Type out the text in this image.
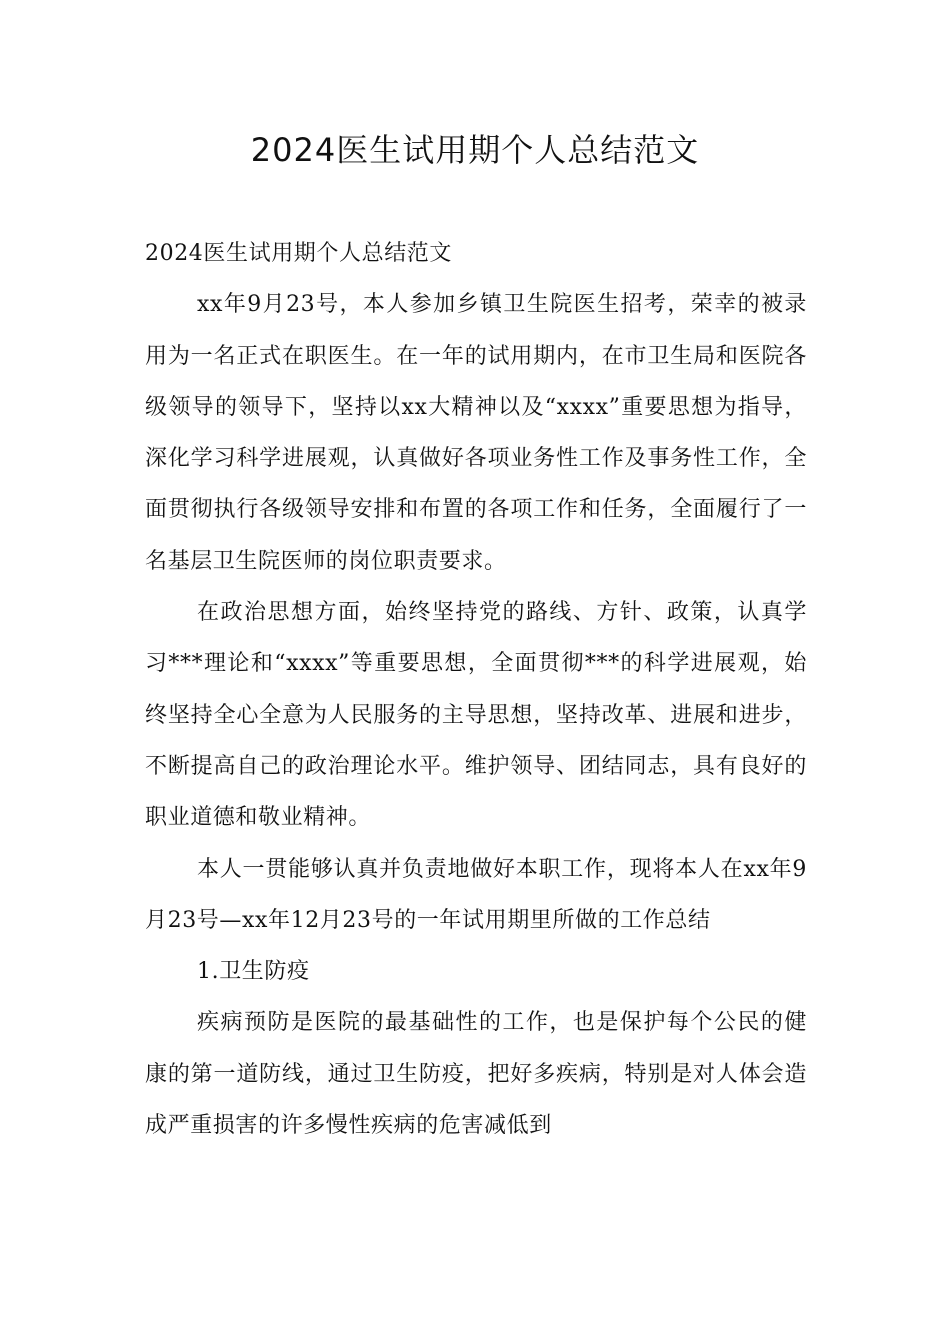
2024医生试用期个人总结范文

2024医生试用期个人总结范文

xx年9月23号，本人参加乡镇卫生院医生招考，荣幸的被录用为一名正式在职医生。在一年的试用期内，在市卫生局和医院各级领导的领导下，坚持以xx大精神以及“xxxx”重要思想为指导，深化学习科学进展观，认真做好各项业务性工作及事务性工作，全面贯彻执行各级领导安排和布置的各项工作和任务，全面履行了一名基层卫生院医师的岗位职责要求。

在政治思想方面，始终坚持党的路线、方针、政策，认真学习***理论和“xxxx”等重要思想，全面贯彻***的科学进展观，始终坚持全心全意为人民服务的主导思想，坚持改革、进展和进步，不断提高自己的政治理论水平。维护领导、团结同志，具有良好的职业道德和敬业精神。

本人一贯能够认真并负责地做好本职工作，现将本人在xx年9月23号—xx年12月23号的一年试用期里所做的工作总结

1.卫生防疫

疾病预防是医院的最基础性的工作，也是保护每个公民的健康的第一道防线，通过卫生防疫，把好多疾病，特别是对人体会造成严重损害的许多慢性疾病的危害减低到
